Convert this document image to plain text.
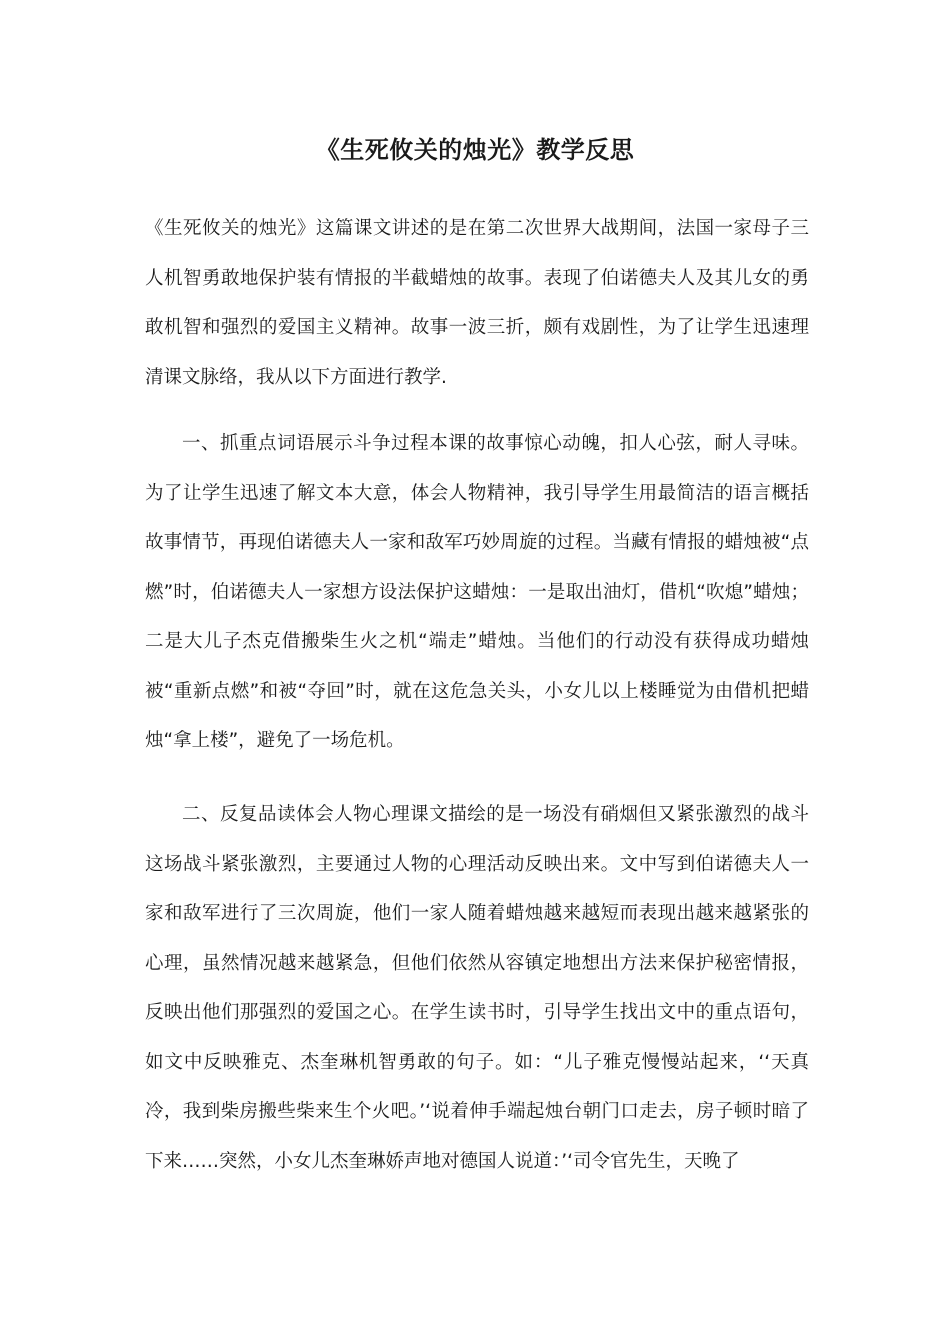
《生死攸关的烛光》教学反思

《生死攸关的烛光》这篇课文讲述的是在第二次世界大战期间，法国一家母子三人机智勇敢地保护装有情报的半截蜡烛的故事。表现了伯诺德夫人及其儿女的勇敢机智和强烈的爱国主义精神。故事一波三折，颇有戏剧性，为了让学生迅速理清课文脉络，我从以下方面进行教学.

一、抓重点词语展示斗争过程本课的故事惊心动魄，扣人心弦，耐人寻味。为了让学生迅速了解文本大意，体会人物精神，我引导学生用最简洁的语言概括故事情节，再现伯诺德夫人一家和敌军巧妙周旋的过程。当藏有情报的蜡烛被“点燃”时，伯诺德夫人一家想方设法保护这蜡烛：一是取出油灯，借机“吹熄”蜡烛；二是大儿子杰克借搬柴生火之机“端走”蜡烛。当他们的行动没有获得成功蜡烛被“重新点燃”和被“夺回”时，就在这危急关头，小女儿以上楼睡觉为由借机把蜡烛“拿上楼”，避免了一场危机。

二、反复品读体会人物心理课文描绘的是一场没有硝烟但又紧张激烈的战斗这场战斗紧张激烈，主要通过人物的心理活动反映出来。文中写到伯诺德夫人一家和敌军进行了三次周旋，他们一家人随着蜡烛越来越短而表现出越来越紧张的心理，虽然情况越来越紧急，但他们依然从容镇定地想出方法来保护秘密情报，反映出他们那强烈的爱国之心。在学生读书时，引导学生找出文中的重点语句，如文中反映雅克、杰奎琳机智勇敢的句子。如：“儿子雅克慢慢站起来，‘‘天真冷，我到柴房搬些柴来生个火吧。’‘说着伸手端起烛台朝门口走去，房子顿时暗了下来……突然，小女儿杰奎琳娇声地对德国人说道：’‘司令官先生，天晚了
